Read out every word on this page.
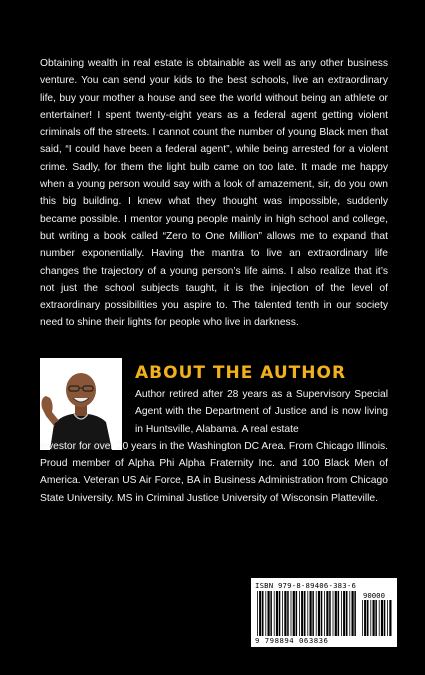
Obtaining wealth in real estate is obtainable as well as any other business venture. You can send your kids to the best schools, live an extraordinary life, buy your mother a house and see the world without being an athlete or entertainer! I spent twenty-eight years as a federal agent getting violent criminals off the streets. I cannot count the number of young Black men that said, “I could have been a federal agent”, while being arrested for a violent crime. Sadly, for them the light bulb came on too late. It made me happy when a young person would say with a look of amazement, sir, do you own this big building. I knew what they thought was impossible, suddenly became possible. I mentor young people mainly in high school and college, but writing a book called “Zero to One Million” allows me to expand that number exponentially. Having the mantra to live an extraordinary life changes the trajectory of a young person’s life aims. I also realize that it’s not just the school subjects taught, it is the injection of the level of extraordinary possibilities you aspire to. The talented tenth in our society need to shine their lights for people who live in darkness.

ABOUT THE AUTHOR

Author retired after 28 years as a Supervisory Special Agent with the Department of Justice and is now living in Huntsville, Alabama. A real estate
investor for over 20 years in the Washington DC Area. From Chicago Illinois. Proud member of Alpha Phi Alpha Fraternity Inc. and 100 Black Men of America. Veteran US Air Force, BA in Business Administration from Chicago State University. MS in Criminal Justice University of Wisconsin Platteville.

ISBN 979-8-89406-383-6
90000
9 798894 063836
